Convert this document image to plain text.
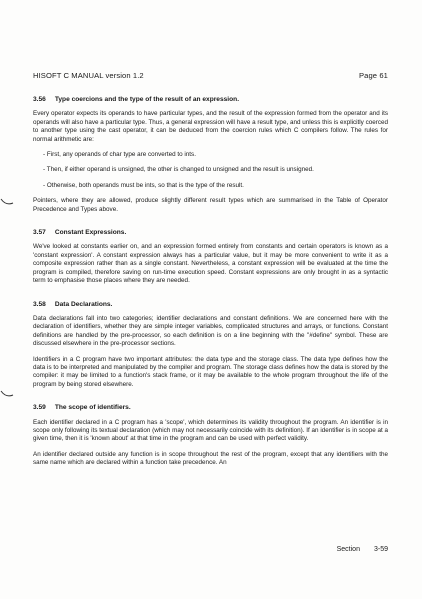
HISOFT C MANUAL version 1.2	Page 61
3.56 Type coercions and the type of the result of an expression.

Every operator expects its operands to have particular types, and the result of the expression formed from the operator and its operands will also have a particular type. Thus, a general expression will have a result type, and unless this is explicitly coerced to another type using the cast operator, it can be deduced from the coercion rules which C compilers follow. The rules for normal arithmetic are:

- First, any operands of char type are converted to ints.

- Then, if either operand is unsigned, the other is changed to unsigned and the result is unsigned.

- Otherwise, both operands must be ints, so that is the type of the result.

Pointers, where they are allowed, produce slightly different result types which are summarised in the Table of Operator Precedence and Types above.

3.57 Constant Expressions.

We've looked at constants earlier on, and an expression formed entirely from constants and certain operators is known as a 'constant expression'. A constant expression always has a particular value, but it may be more convenient to write it as a composite expression rather than as a single constant. Nevertheless, a constant expression will be evaluated at the time the program is compiled, therefore saving on run-time execution speed. Constant expressions are only brought in as a syntactic term to emphasise those places where they are needed.

3.58 Data Declarations.

Data declarations fall into two categories; identifier declarations and constant definitions. We are concerned here with the declaration of identifiers, whether they are simple integer variables, complicated structures and arrays, or functions. Constant definitions are handled by the pre-processor, so each definition is on a line beginning with the "#define" symbol. These are discussed elsewhere in the pre-processor sections.

Identifiers in a C program have two important attributes: the data type and the storage class. The data type defines how the data is to be interpreted and manipulated by the compiler and program. The storage class defines how the data is stored by the compiler: it may be limited to a function's stack frame, or it may be available to the whole program throughout the life of the program by being stored elsewhere.

3.59 The scope of identifiers.

Each identifier declared in a C program has a 'scope', which determines its validity throughout the program. An identifier is in scope only following its textual declaration (which may not necessarily coincide with its definition). If an identifier is in scope at a given time, then it is 'known about' at that time in the program and can be used with perfect validity.

An identifier declared outside any function is in scope throughout the rest of the program, except that any identifiers with the same name which are declared within a function take precedence. An

Section 3-59
